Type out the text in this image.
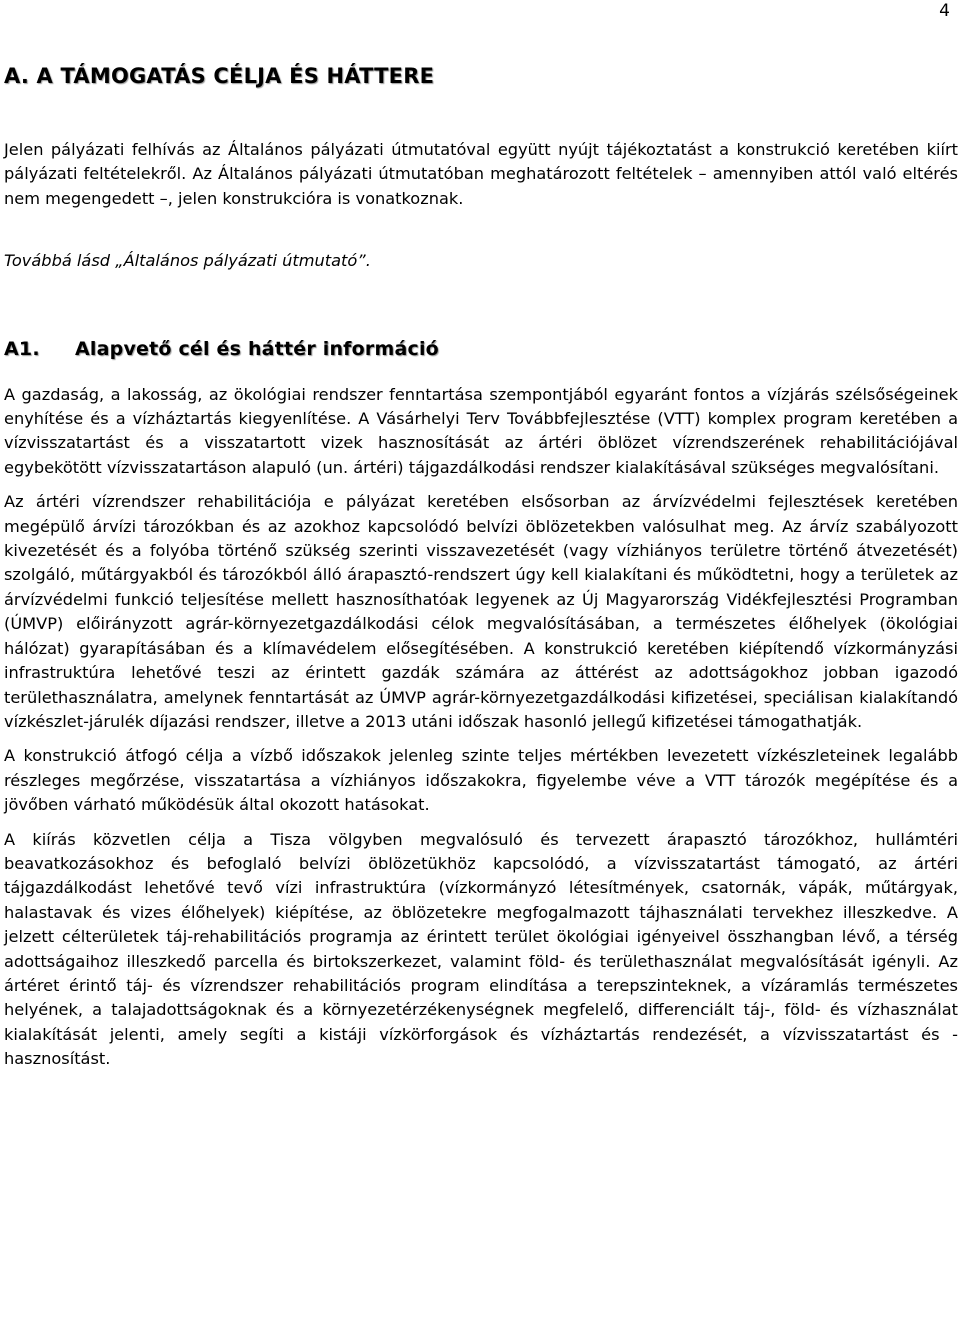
4
A. A TÁMOGATÁS CÉLJA ÉS HÁTTERE

Jelen pályázati felhívás az Általános pályázati útmutatóval együtt nyújt tájékoztatást a konstrukció keretében kiírt pályázati feltételekről. Az Általános pályázati útmutatóban meghatározott feltételek – amennyiben attól való eltérés nem megengedett –, jelen konstrukcióra is vonatkoznak.

Továbbá lásd „Általános pályázati útmutató”.

A1. Alapvető cél és háttér információ

A gazdaság, a lakosság, az ökológiai rendszer fenntartása szempontjából egyaránt fontos a vízjárás szélsőségeinek enyhítése és a vízháztartás kiegyenlítése. A Vásárhelyi Terv Továbbfejlesztése (VTT) komplex program keretében a vízvisszatartást és a visszatartott vizek hasznosítását az ártéri öblözet vízrendszerének rehabilitációjával egybekötött vízvisszatartáson alapuló (un. ártéri) tájgazdálkodási rendszer kialakításával szükséges megvalósítani.

Az ártéri vízrendszer rehabilitációja e pályázat keretében elsősorban az árvízvédelmi fejlesztések keretében megépülő árvízi tározókban és az azokhoz kapcsolódó belvízi öblözetekben valósulhat meg. Az árvíz szabályozott kivezetését és a folyóba történő szükség szerinti visszavezetését (vagy vízhiányos területre történő átvezetését) szolgáló, műtárgyakból és tározókból álló árapasztó-rendszert úgy kell kialakítani és működtetni, hogy a területek az árvízvédelmi funkció teljesítése mellett hasznosíthatóak legyenek az Új Magyarország Vidékfejlesztési Programban (ÚMVP) előirányzott agrár-környezetgazdálkodási célok megvalósításában, a természetes élőhelyek (ökológiai hálózat) gyarapításában és a klímavédelem elősegítésében. A konstrukció keretében kiépítendő vízkormányzási infrastruktúra lehetővé teszi az érintett gazdák számára az áttérést az adottságokhoz jobban igazodó területhasználatra, amelynek fenntartását az ÚMVP agrár-környezetgazdálkodási kifizetései, speciálisan kialakítandó vízkészlet-járulék díjazási rendszer, illetve a 2013 utáni időszak hasonló jellegű kifizetései támogathatják.

A konstrukció átfogó célja a vízbő időszakok jelenleg szinte teljes mértékben levezetett vízkészleteinek legalább részleges megőrzése, visszatartása a vízhiányos időszakokra, figyelembe véve a VTT tározók megépítése és a jövőben várható működésük által okozott hatásokat.

A kiírás közvetlen célja a Tisza völgyben megvalósuló és tervezett árapasztó tározókhoz, hullámtéri beavatkozásokhoz és befoglaló belvízi öblözetükhöz kapcsolódó, a vízvisszatartást támogató, az ártéri tájgazdálkodást lehetővé tevő vízi infrastruktúra (vízkormányzó létesítmények, csatornák, vápák, műtárgyak, halastavak és vizes élőhelyek) kiépítése, az öblözetekre megfogalmazott tájhasználati tervekhez illeszkedve. A jelzett célterületek táj-rehabilitációs programja az érintett terület ökológiai igényeivel összhangban lévő, a térség adottságaihoz illeszkedő parcella és birtokszerkezet, valamint föld- és területhasználat megvalósítását igényli. Az ártéret érintő táj- és vízrendszer rehabilitációs program elindítása a terepszinteknek, a vízáramlás természetes helyének, a talajadottságoknak és a környezetérzékenységnek megfelelő, differenciált táj-, föld- és vízhasználat kialakítását jelenti, amely segíti a kistáji vízkörforgások és vízháztartás rendezését, a vízvisszatartást és -hasznosítást.
